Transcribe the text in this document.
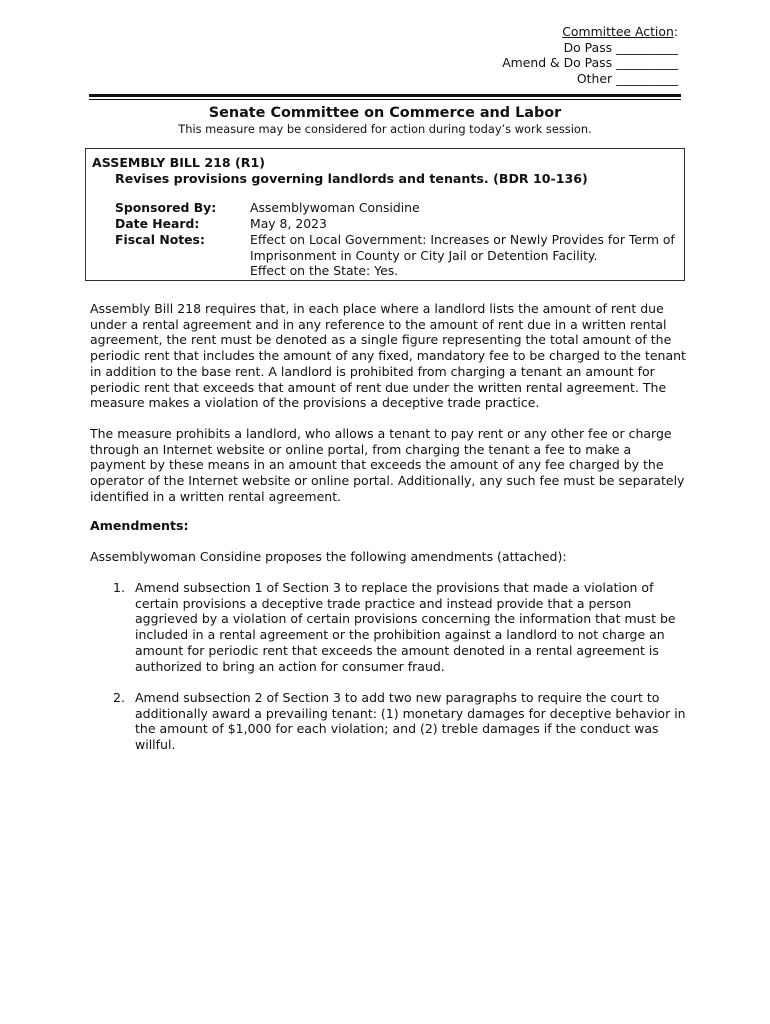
Committee Action:
Do Pass __________
Amend & Do Pass __________
Other __________
Senate Committee on Commerce and Labor
This measure may be considered for action during today’s work session.
ASSEMBLY BILL 218 (R1)
Revises provisions governing landlords and tenants. (BDR 10-136)
Sponsored By:	Assemblywoman Considine
Date Heard:	May 8, 2023
Fiscal Notes:	Effect on Local Government: Increases or Newly Provides for Term of Imprisonment in County or City Jail or Detention Facility.
Effect on the State: Yes.

Assembly Bill 218 requires that, in each place where a landlord lists the amount of rent due under a rental agreement and in any reference to the amount of rent due in a written rental agreement, the rent must be denoted as a single figure representing the total amount of the periodic rent that includes the amount of any fixed, mandatory fee to be charged to the tenant in addition to the base rent. A landlord is prohibited from charging a tenant an amount for periodic rent that exceeds that amount of rent due under the written rental agreement. The measure makes a violation of the provisions a deceptive trade practice.

The measure prohibits a landlord, who allows a tenant to pay rent or any other fee or charge through an Internet website or online portal, from charging the tenant a fee to make a payment by these means in an amount that exceeds the amount of any fee charged by the operator of the Internet website or online portal. Additionally, any such fee must be separately identified in a written rental agreement.

Amendments:

Assemblywoman Considine proposes the following amendments (attached):

1. Amend subsection 1 of Section 3 to replace the provisions that made a violation of certain provisions a deceptive trade practice and instead provide that a person aggrieved by a violation of certain provisions concerning the information that must be included in a rental agreement or the prohibition against a landlord to not charge an amount for periodic rent that exceeds the amount denoted in a rental agreement is authorized to bring an action for consumer fraud.
2. Amend subsection 2 of Section 3 to add two new paragraphs to require the court to additionally award a prevailing tenant: (1) monetary damages for deceptive behavior in the amount of $1,000 for each violation; and (2) treble damages if the conduct was willful.
